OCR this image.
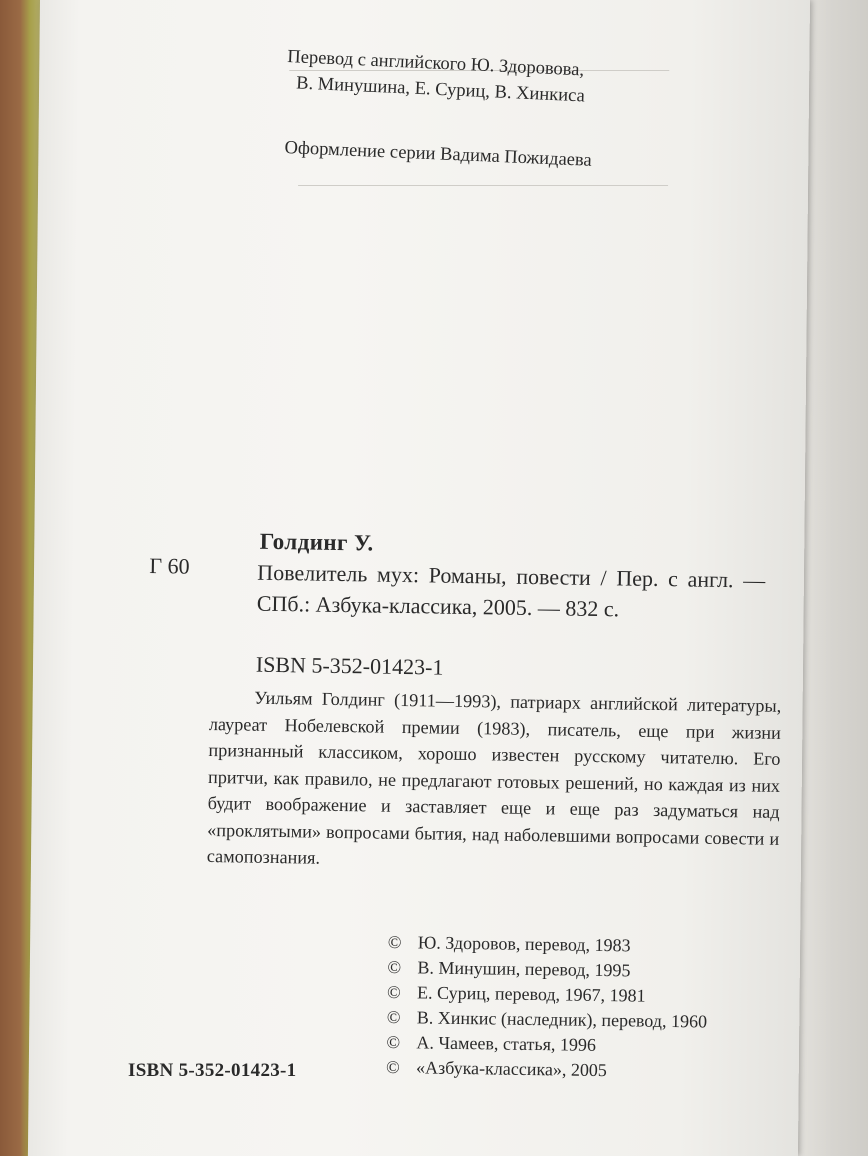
Перевод с английского Ю. Здоровова,
В. Минушина, Е. Суриц, В. Хинкиса
Оформление серии Вадима Пожидаева
Голдинг У.
Г 60	Повелитель мух: Романы, повести / Пер. с англ. — СПб.: Азбука-классика, 2005. — 832 с.
ISBN 5-352-01423-1
Уильям Голдинг (1911—1993), патриарх английской литературы, лауреат Нобелевской премии (1983), писатель, еще при жизни признанный классиком, хорошо известен русскому читателю. Его притчи, как правило, не предлагают готовых решений, но каждая из них будит воображение и заставляет еще и еще раз задуматься над «проклятыми» вопросами бытия, над наболевшими вопросами совести и самопознания.
© Ю. Здоровов, перевод, 1983
© В. Минушин, перевод, 1995
© Е. Суриц, перевод, 1967, 1981
© В. Хинкис (наследник), перевод, 1960
© А. Чамеев, статья, 1996
© «Азбука-классика», 2005
ISBN 5-352-01423-1
